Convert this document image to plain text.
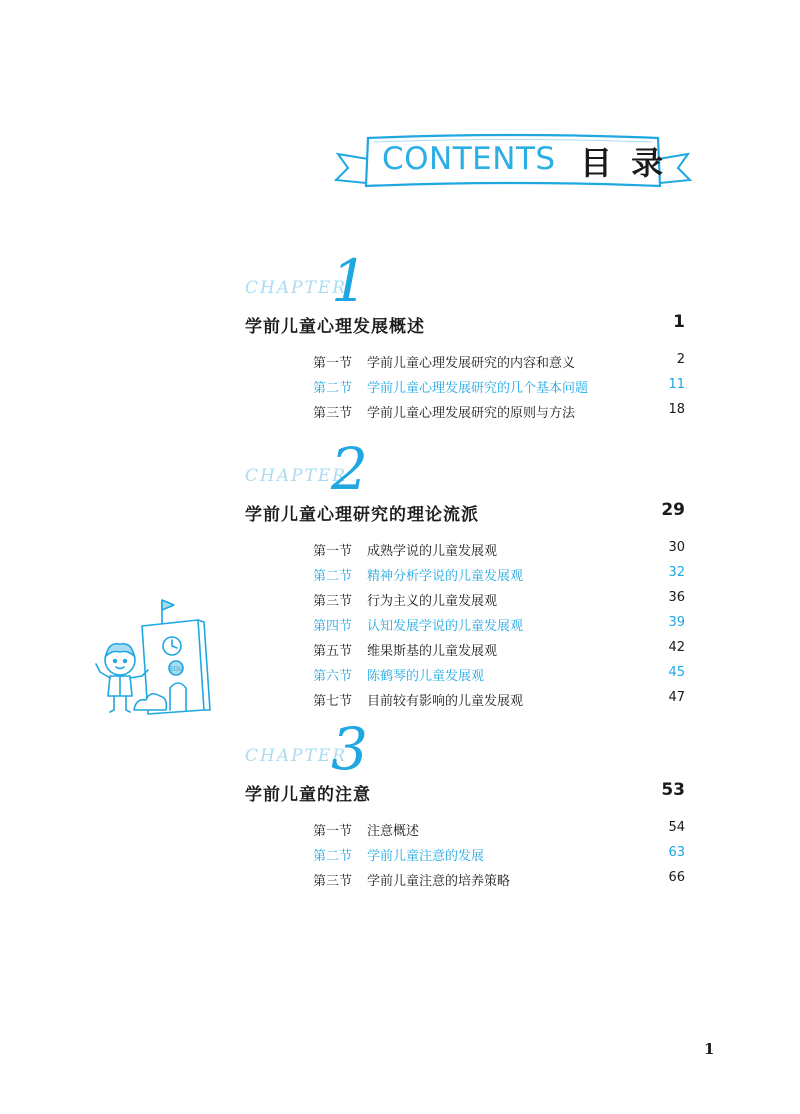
CONTENTS 目 录
CHAPTER
1
学前儿童心理发展概述	1
第一节 学前儿童心理发展研究的内容和意义	2
第二节 学前儿童心理发展研究的几个基本问题	11
第三节 学前儿童心理发展研究的原则与方法	18
CHAPTER
2
学前儿童心理研究的理论流派	29
第一节 成熟学说的儿童发展观	30
第二节 精神分析学说的儿童发展观	32
第三节 行为主义的儿童发展观	36
第四节 认知发展学说的儿童发展观	39
第五节 维果斯基的儿童发展观	42
第六节 陈鹤琴的儿童发展观	45
第七节 目前较有影响的儿童发展观	47
CHAPTER
3
学前儿童的注意	53
第一节 注意概述	54
第二节 学前儿童注意的发展	63
第三节 学前儿童注意的培养策略	66
EDU
1
